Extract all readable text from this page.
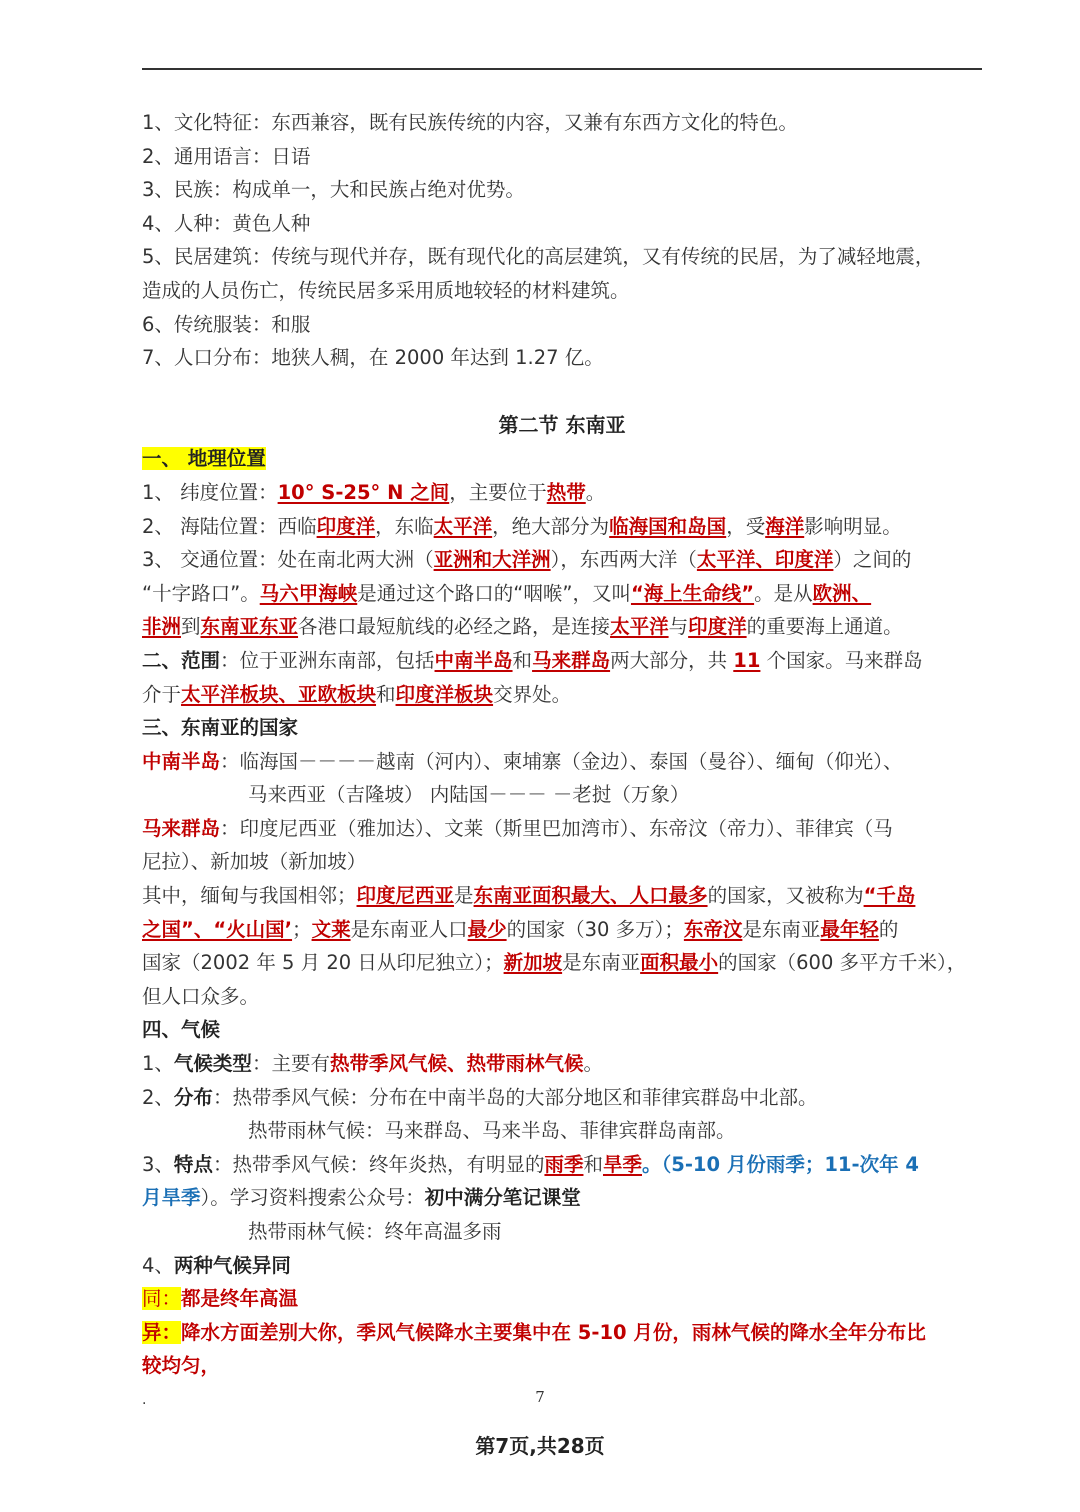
1、文化特征：东西兼容，既有民族传统的内容，又兼有东西方文化的特色。
2、通用语言：日语
3、民族：构成单一，大和民族占绝对优势。
4、人种：黄色人种
5、民居建筑：传统与现代并存，既有现代化的高层建筑，又有传统的民居，为了减轻地震，
造成的人员伤亡，传统民居多采用质地较轻的材料建筑。
6、传统服装：和服
7、人口分布：地狭人稠，在 2000 年达到 1.27 亿。
第二节 东南亚
一、 地理位置
1、 纬度位置：10° S-25° N 之间，主要位于热带。
2、 海陆位置：西临印度洋，东临太平洋，绝大部分为临海国和岛国，受海洋影响明显。
3、 交通位置：处在南北两大洲（亚洲和大洋洲），东西两大洋（太平洋、印度洋）之间的
“十字路口”。马六甲海峡是通过这个路口的“咽喉”，又叫“海上生命线”。是从欧洲、
非洲到东南亚东亚各港口最短航线的必经之路，是连接太平洋与印度洋的重要海上通道。
二、范围：位于亚洲东南部，包括中南半岛和马来群岛两大部分，共 11 个国家。马来群岛
介于太平洋板块、亚欧板块和印度洋板块交界处。
三、东南亚的国家
中南半岛：临海国－－－－越南（河内）、柬埔寨（金边）、泰国（曼谷）、缅甸（仰光）、
马来西亚（吉隆坡） 内陆国－－－ －老挝（万象）
马来群岛：印度尼西亚（雅加达）、文莱（斯里巴加湾市）、东帝汶（帝力）、菲律宾（马
尼拉）、新加坡（新加坡）
其中，缅甸与我国相邻；印度尼西亚是东南亚面积最大、人口最多的国家，又被称为“千岛
之国”、“火山国’；文莱是东南亚人口最少的国家（30 多万）；东帝汶是东南亚最年轻的
国家（2002 年 5 月 20 日从印尼独立）；新加坡是东南亚面积最小的国家（600 多平方千米），
但人口众多。
四、气候
1、气候类型：主要有热带季风气候、热带雨林气候。
2、分布：热带季风气候：分布在中南半岛的大部分地区和菲律宾群岛中北部。
热带雨林气候：马来群岛、马来半岛、菲律宾群岛南部。
3、特点：热带季风气候：终年炎热，有明显的雨季和旱季。（5-10 月份雨季；11-次年 4
月旱季）。学习资料搜索公众号：初中满分笔记课堂
热带雨林气候：终年高温多雨
4、两种气候异同
同：都是终年高温
异：降水方面差别大你，季风气候降水主要集中在 5-10 月份，雨林气候的降水全年分布比
较均匀，
.	7
第7页,共28页
